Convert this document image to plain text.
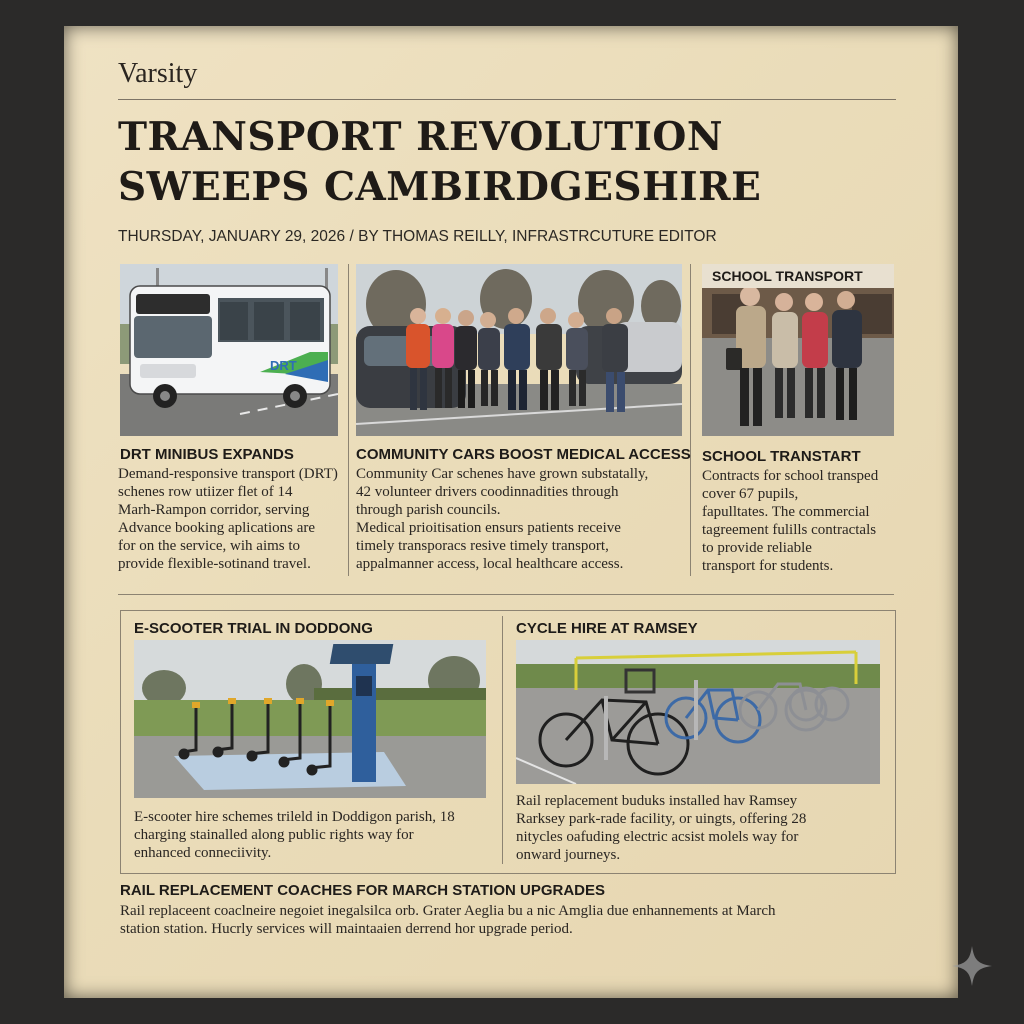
Varsity
TRANSPORT REVOLUTION
SWEEPS CAMBIRDGESHIRE
THURSDAY, JANUARY 29, 2026 / BY THOMAS REILLY, INFRASTRCUTURE EDITOR
DRT
SCHOOL TRANSPORT
DRT MINIBUS EXPANDS

Demand-responsive transport (DRT)

schenes row utiizer flet of 14

Marh-Rampon corridor, serving

Advance booking aplications are

for on the service, wih aims to

provide flexible-sotinand travel.

COMMUNITY CARS BOOST MEDICAL ACCESS

Community Car schenes have grown substatally,

42 volunteer drivers coodinnadities through

through parish councils.

Medical prioitisation ensurs patients receive

timely transporacs resive timely transport,

appalmanner access, local healthcare access.

SCHOOL TRANSTART

Contracts for school transped

cover 67 pupils,

fapulltates. The commercial

tagreement fulills contractals

to provide reliable

transport for students.

E-SCOOTER TRIAL IN DODDONG

E-scooter hire schemes trileld in Doddigon parish, 18

charging stainalled along public rights way for

enhanced conneciivity.

CYCLE HIRE AT RAMSEY

Rail replacement buduks installed hav Ramsey

Rarksey park-rade facility, or uingts, offering 28

nitycles oafuding electric acsist molels way for

onward journeys.

RAIL REPLACEMENT COACHES FOR MARCH STATION UPGRADES

Rail replaceent coaclneire negoiet inegalsilca orb. Grater Aeglia bu a nic Amglia due enhannements at March

station station. Hucrly services will maintaaien derrend hor upgrade period.
